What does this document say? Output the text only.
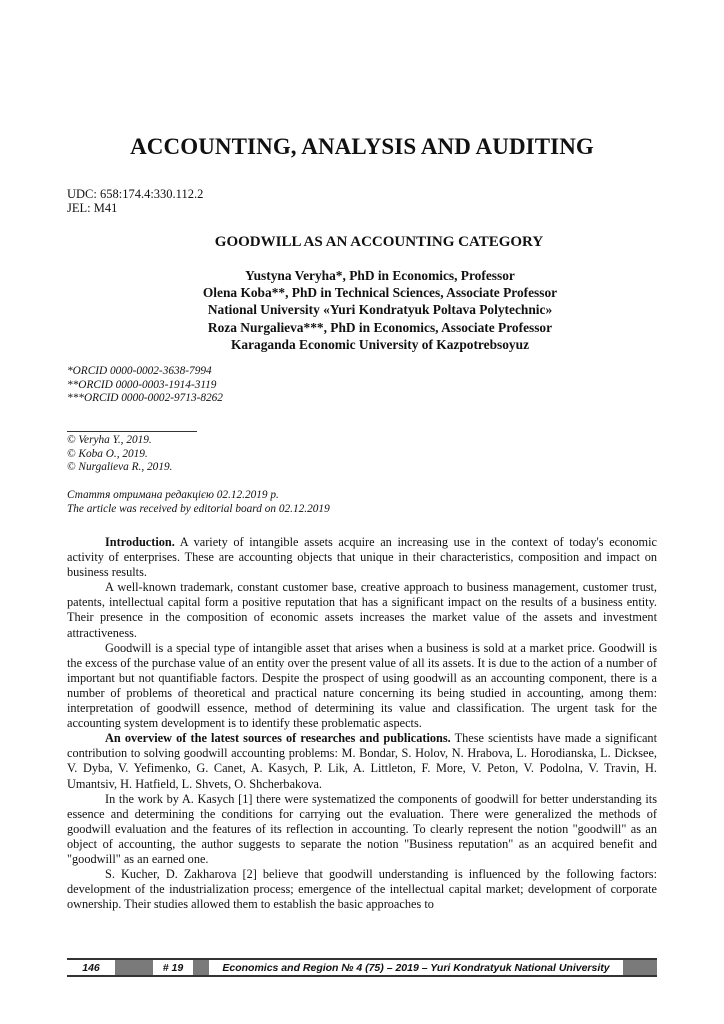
ACCOUNTING, ANALYSIS AND AUDITING
UDC: 658:174.4:330.112.2
JEL: M41
GOODWILL AS AN ACCOUNTING CATEGORY
Yustyna Veryha*, PhD in Economics, Professor
Olena Koba**, PhD in Technical Sciences, Associate Professor
National University «Yuri Kondratyuk Poltava Polytechnic»
Roza Nurgalieva***, PhD in Economics, Associate Professor
Karaganda Economic University of Kazpotrebsoyuz
*ORCID 0000-0002-3638-7994
**ORCID 0000-0003-1914-3119
***ORCID 0000-0002-9713-8262
© Veryha Y., 2019.
© Koba O., 2019.
© Nurgalieva R., 2019.
Стаття отримана редакцією 02.12.2019 р.
The article was received by editorial board on 02.12.2019

Introduction. A variety of intangible assets acquire an increasing use in the context of today's economic activity of enterprises. These are accounting objects that unique in their characteristics, composition and impact on business results.

A well-known trademark, constant customer base, creative approach to business management, customer trust, patents, intellectual capital form a positive reputation that has a significant impact on the results of a business entity. Their presence in the composition of economic assets increases the market value of the assets and investment attractiveness.

Goodwill is a special type of intangible asset that arises when a business is sold at a market price. Goodwill is the excess of the purchase value of an entity over the present value of all its assets. It is due to the action of a number of important but not quantifiable factors. Despite the prospect of using goodwill as an accounting component, there is a number of problems of theoretical and practical nature concerning its being studied in accounting, among them: interpretation of goodwill essence, method of determining its value and classification. The urgent task for the accounting system development is to identify these problematic aspects.

An overview of the latest sources of researches and publications. These scientists have made a significant contribution to solving goodwill accounting problems: M. Bondar, S. Holov, N. Hrabova, L. Horodianska, L. Dicksee, V. Dyba, V. Yefimenko, G. Canet, A. Kasych, P. Lik, A. Littleton, F. More, V. Peton, V. Podolna, V. Travin, H. Umantsiv, H. Hatfield, L. Shvets, O. Shcherbakova.

In the work by A. Kasych [1] there were systematized the components of goodwill for better understanding its essence and determining the conditions for carrying out the evaluation. There were generalized the methods of goodwill evaluation and the features of its reflection in accounting. To clearly represent the notion "goodwill" as an object of accounting, the author suggests to separate the notion "Business reputation" as an acquired benefit and "goodwill" as an earned one.

S. Kucher, D. Zakharova [2] believe that goodwill understanding is influenced by the following factors: development of the industrialization process; emergence of the intellectual capital market; development of corporate ownership. Their studies allowed them to establish the basic approaches to

146	# 19	Economics and Region № 4 (75) – 2019 – Yuri Kondratyuk National University
